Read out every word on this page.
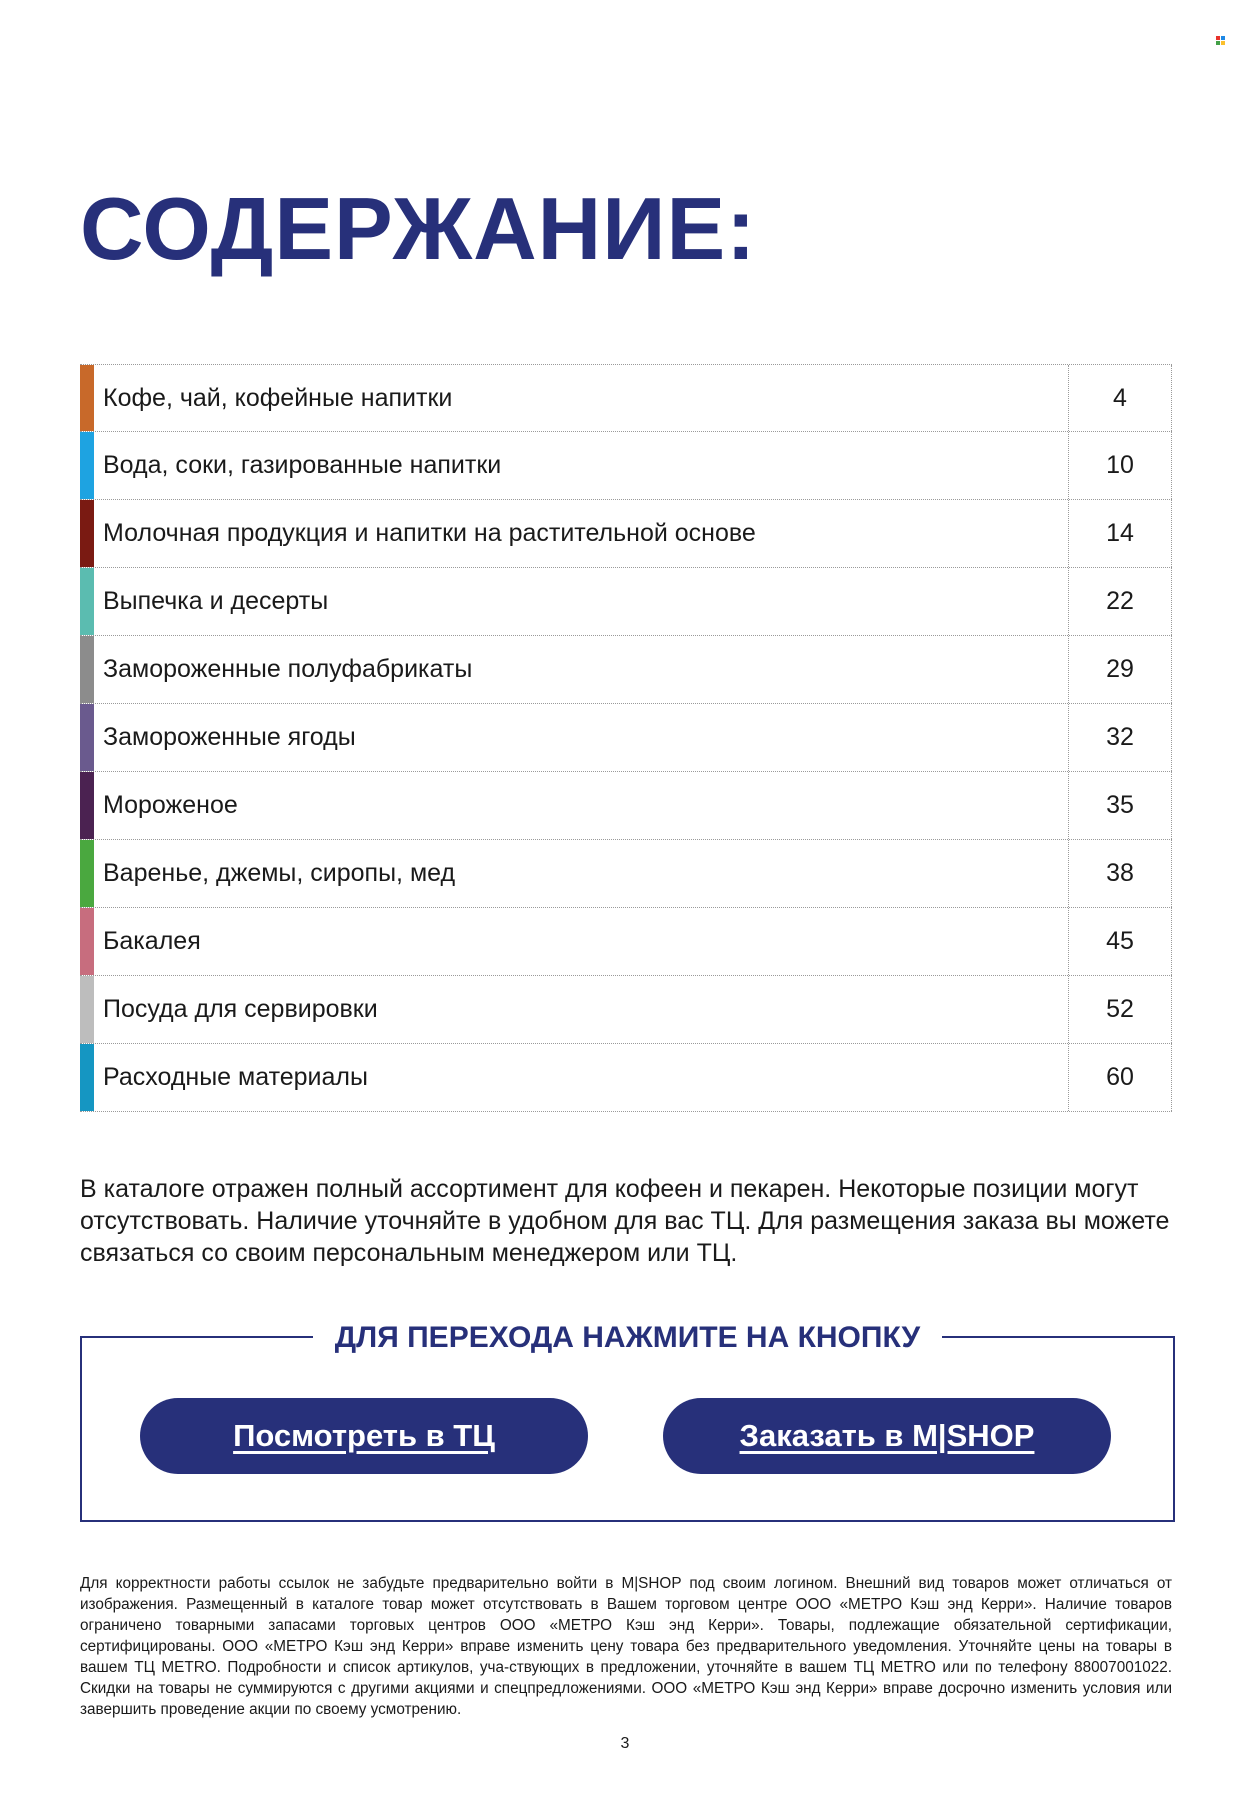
СОДЕРЖАНИЕ:
Кофе, чай, кофейные напитки	4
Вода, соки, газированные напитки	10
Молочная продукция и напитки на растительной основе	14
Выпечка и десерты	22
Замороженные полуфабрикаты	29
Замороженные ягоды	32
Мороженое	35
Варенье, джемы, сиропы, мед	38
Бакалея	45
Посуда для сервировки	52
Расходные материалы	60

В каталоге отражен полный ассортимент для кофеен и пекарен. Некоторые позиции могут отсутствовать. Наличие уточняйте в удобном для вас ТЦ. Для размещения заказа вы можете связаться со своим персональным менеджером или ТЦ.

ДЛЯ ПЕРЕХОДА НАЖМИТЕ НА КНОПКУ
Посмотреть в ТЦ	Заказать в M|SHOP

Для корректности работы ссылок не забудьте предварительно войти в M|SHOP под своим логином. Внешний вид товаров может отличаться от изображения. Размещенный в каталоге товар может отсутствовать в Вашем торговом центре ООО «МЕТРО Кэш энд Керри». Наличие товаров ограничено товарными запасами торговых центров ООО «МЕТРО Кэш энд Керри». Товары, подлежащие обязательной сертификации, сертифицированы. ООО «МЕТРО Кэш энд Керри» вправе изменить цену товара без предварительного уведомления. Уточняйте цены на товары в вашем ТЦ METRO. Подробности и список артикулов, уча-ствующих в предложении, уточняйте в вашем ТЦ METRO или по телефону 88007001022. Скидки на товары не суммируются с другими акциями и спецпредложениями. ООО «МЕТРО Кэш энд Керри» вправе досрочно изменить условия или завершить проведение акции по своему усмотрению.

3
